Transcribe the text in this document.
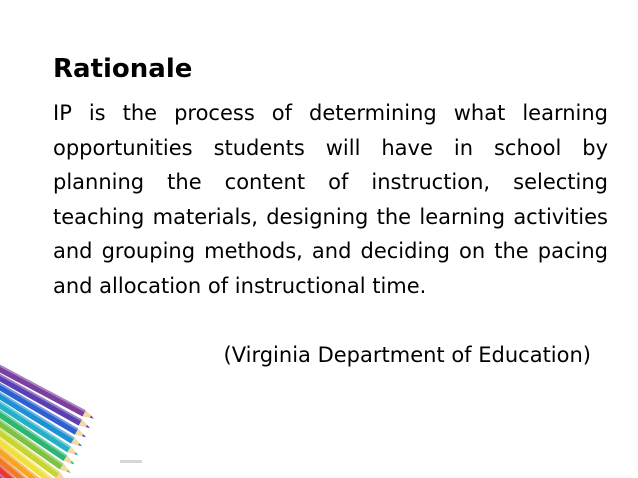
Rationale
IP is the process of determining what learning opportunities students will have in school by planning the content of instruction, selecting teaching materials, designing the learning activities and grouping methods, and deciding on the pacing and allocation of instructional time.
(Virginia Department of Education)
